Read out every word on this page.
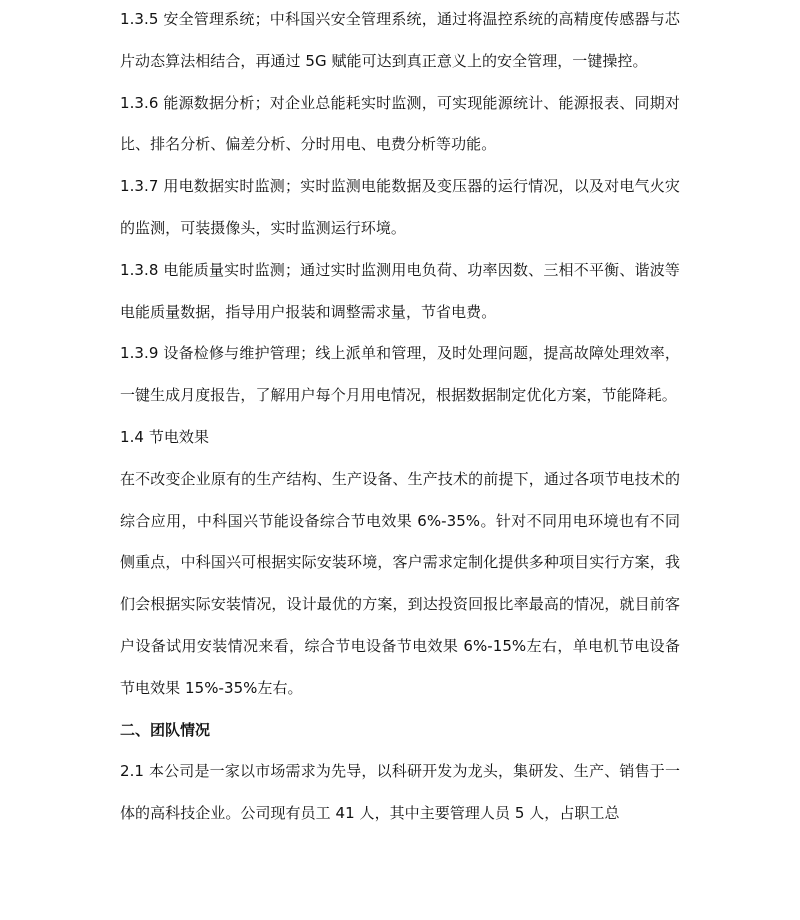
1.3.5 安全管理系统；中科国兴安全管理系统，通过将温控系统的高精度传感器与芯片动态算法相结合，再通过 5G 赋能可达到真正意义上的安全管理，一键操控。

1.3.6 能源数据分析；对企业总能耗实时监测，可实现能源统计、能源报表、同期对比、排名分析、偏差分析、分时用电、电费分析等功能。

1.3.7 用电数据实时监测；实时监测电能数据及变压器的运行情况，以及对电气火灾的监测，可装摄像头，实时监测运行环境。

1.3.8 电能质量实时监测；通过实时监测用电负荷、功率因数、三相不平衡、谐波等电能质量数据，指导用户报装和调整需求量，节省电费。

1.3.9 设备检修与维护管理；线上派单和管理，及时处理问题，提高故障处理效率，一键生成月度报告，了解用户每个月用电情况，根据数据制定优化方案，节能降耗。

1.4 节电效果

在不改变企业原有的生产结构、生产设备、生产技术的前提下，通过各项节电技术的综合应用，中科国兴节能设备综合节电效果 6%-35%。针对不同用电环境也有不同侧重点，中科国兴可根据实际安装环境，客户需求定制化提供多种项目实行方案，我们会根据实际安装情况，设计最优的方案，到达投资回报比率最高的情况，就目前客户设备试用安装情况来看，综合节电设备节电效果 6%-15%左右，单电机节电设备节电效果 15%-35%左右。

二、团队情况

2.1 本公司是一家以市场需求为先导，以科研开发为龙头，集研发、生产、销售于一体的高科技企业。公司现有员工 41 人，其中主要管理人员 5 人，占职工总
